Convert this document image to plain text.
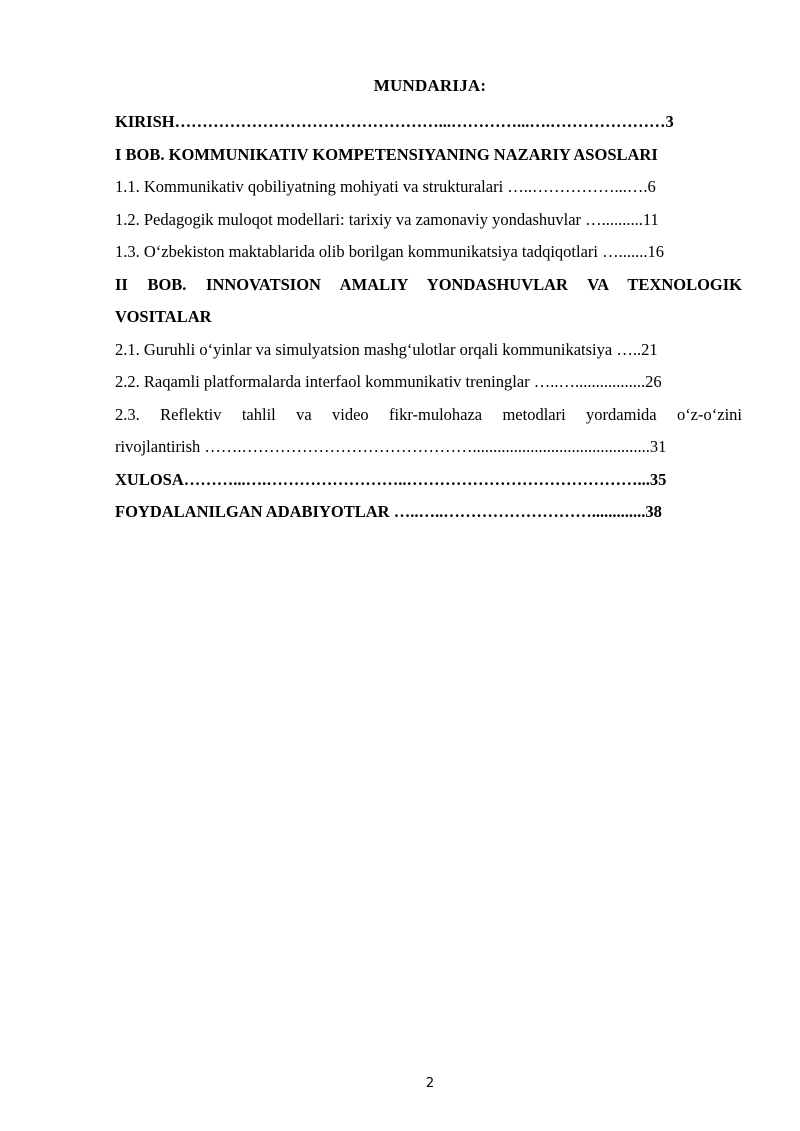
MUNDARIJA:
KIRISH…………………………………………...…………...….…………………3
I BOB. KOMMUNIKATIV KOMPETENSIYANING NAZARIY ASOSLARI
1.1. Kommunikativ qobiliyatning mohiyati va strukturalari …..……………...….6
1.2. Pedagogik muloqot modellari: tarixiy va zamonaviy yondashuvlar …..........11
1.3. O‘zbekiston maktablarida olib borilgan kommunikatsiya tadqiqotlari ….......16
II BOB. INNOVATSION AMALIY YONDASHUVLAR VA TEXNOLOGIK
VOSITALAR
2.1. Guruhli o‘yinlar va simulyatsion mashg‘ulotlar orqali kommunikatsiya …..21
2.2. Raqamli platformalarda interfaol kommunikativ treninglar …..….................26
2.3. Reflektiv tahlil va video fikr-mulohaza metodlari yordamida o‘z-o‘zini
rivojlantirish …….……………………………………...........................................31
XULOSA………...….……………………..……………………………………...35
FOYDALANILGAN ADABIYOTLAR …..…..……………………….............38
2
